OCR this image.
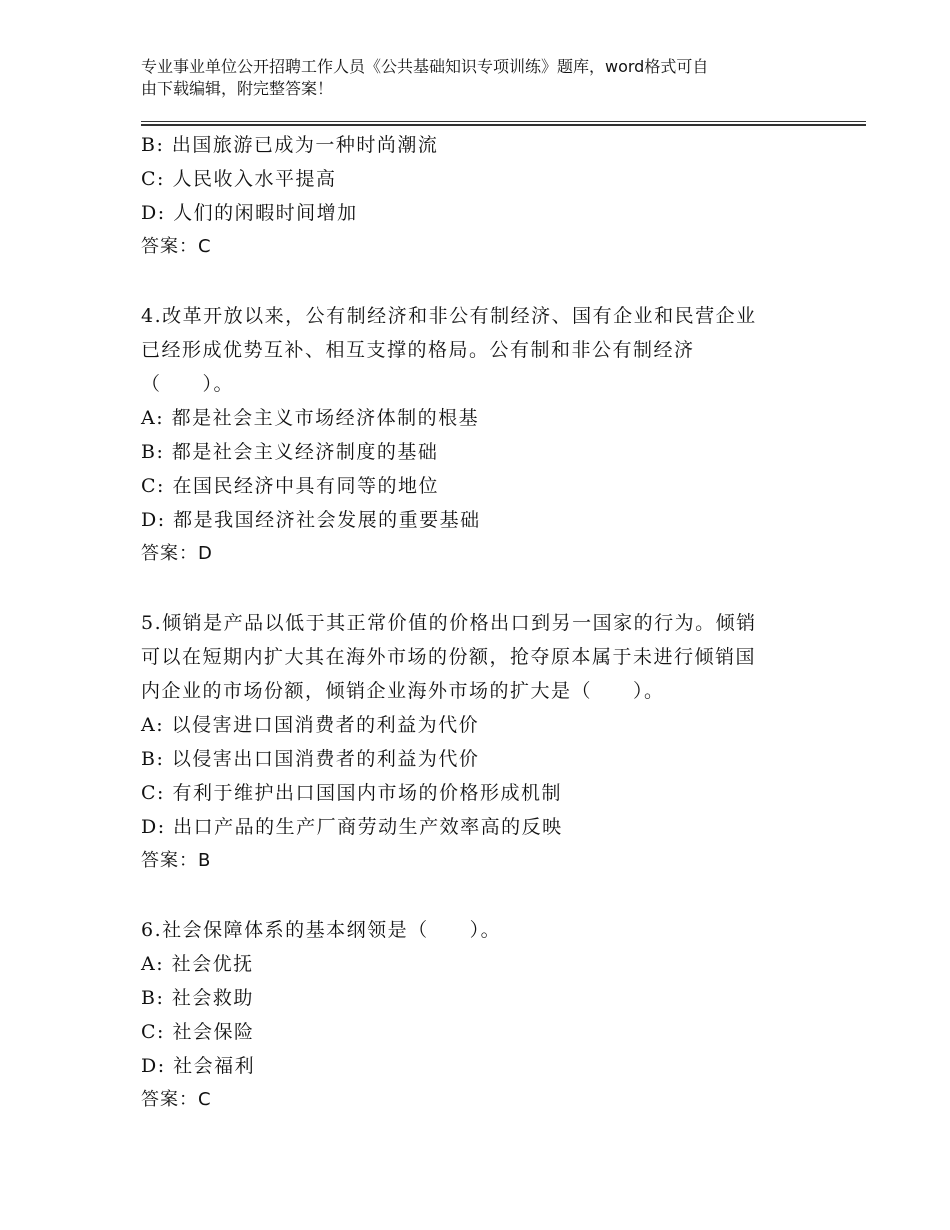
专业事业单位公开招聘工作人员《公共基础知识专项训练》题库，word格式可自
由下载编辑，附完整答案！
B: 出国旅游已成为一种时尚潮流
C: 人民收入水平提高
D: 人们的闲暇时间增加
答案：C
4.改革开放以来，公有制经济和非公有制经济、国有企业和民营企业
已经形成优势互补、相互支撑的格局。公有制和非公有制经济
（　　）。
A: 都是社会主义市场经济体制的根基
B: 都是社会主义经济制度的基础
C: 在国民经济中具有同等的地位
D: 都是我国经济社会发展的重要基础
答案：D
5.倾销是产品以低于其正常价值的价格出口到另一国家的行为。倾销
可以在短期内扩大其在海外市场的份额，抢夺原本属于未进行倾销国
内企业的市场份额，倾销企业海外市场的扩大是（　　）。
A: 以侵害进口国消费者的利益为代价
B: 以侵害出口国消费者的利益为代价
C: 有利于维护出口国国内市场的价格形成机制
D: 出口产品的生产厂商劳动生产效率高的反映
答案：B
6.社会保障体系的基本纲领是（　　）。
A: 社会优抚
B: 社会救助
C: 社会保险
D: 社会福利
答案：C
